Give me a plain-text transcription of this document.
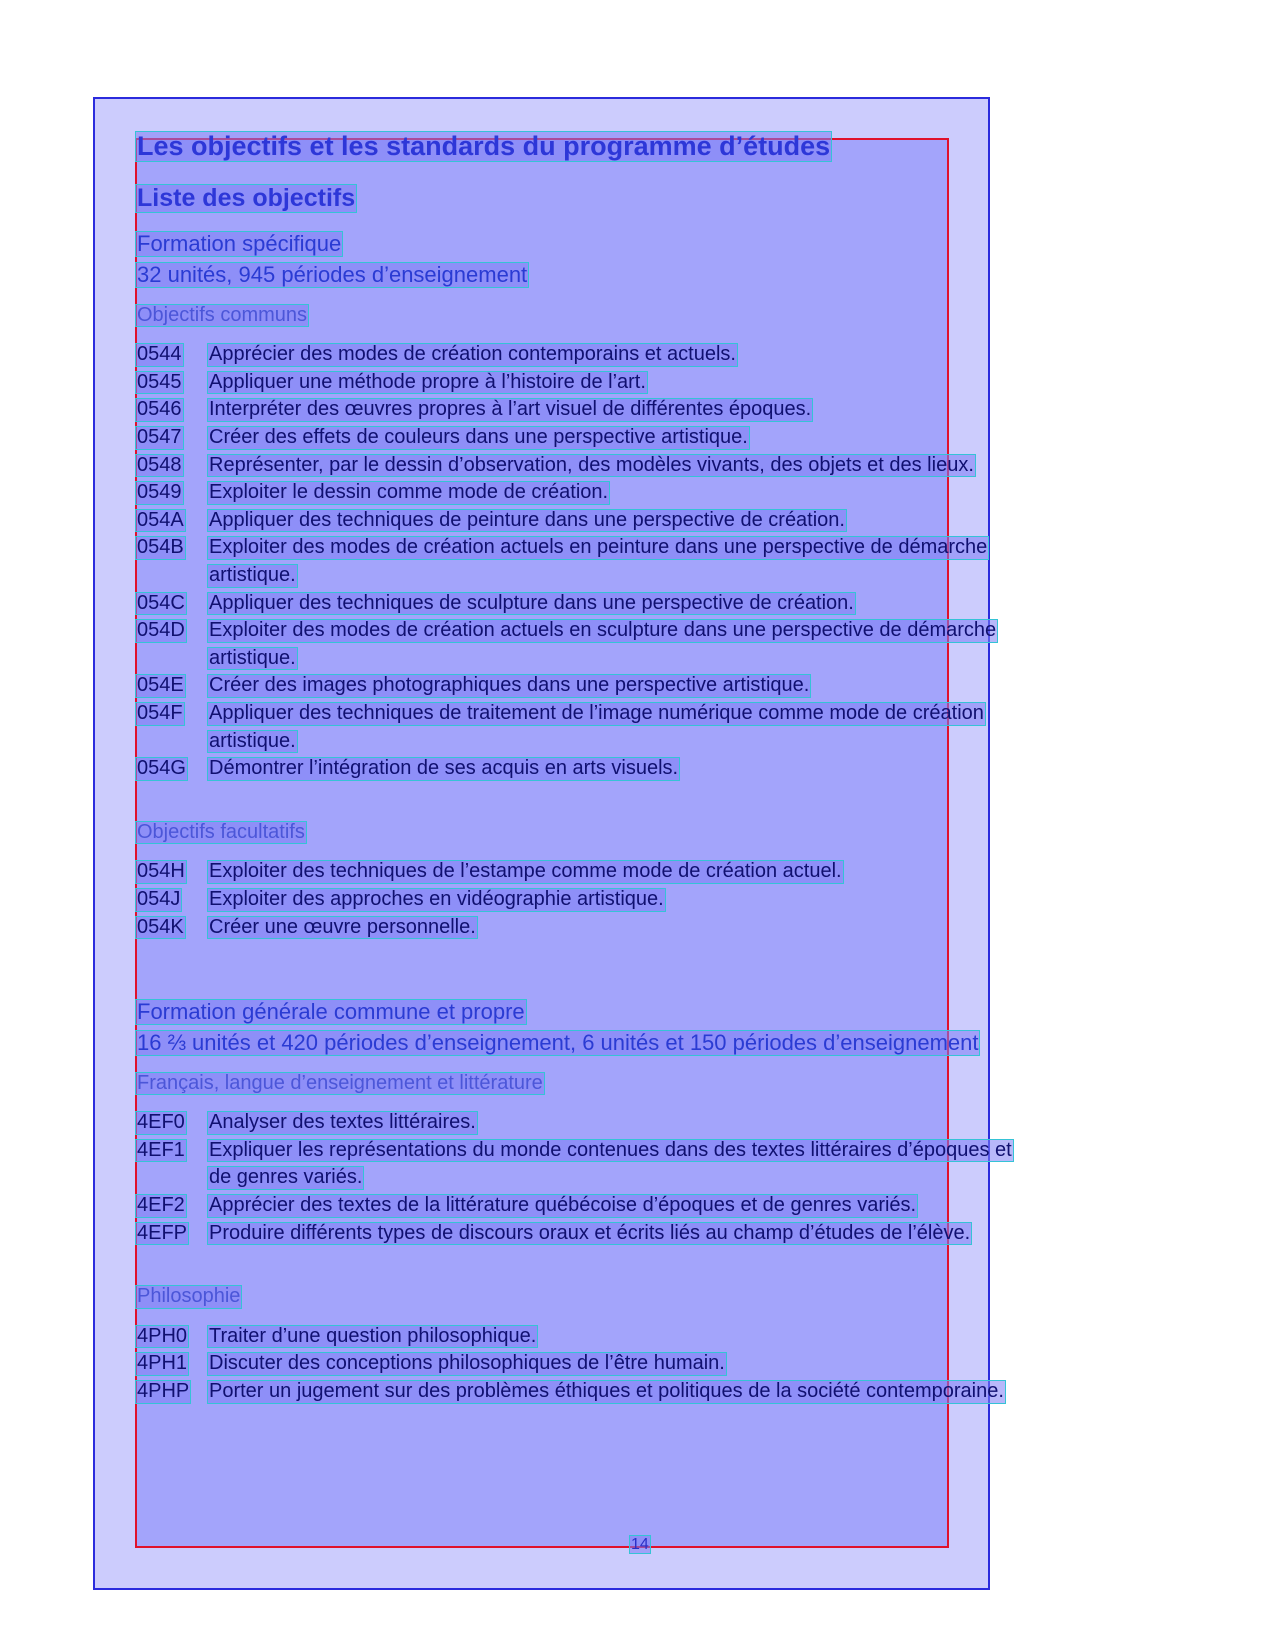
Les objectifs et les standards du programme d’études
Liste des objectifs
Formation spécifique
32 unités, 945 périodes d’enseignement
Objectifs communs
0544	Apprécier des modes de création contemporains et actuels.
0545	Appliquer une méthode propre à l’histoire de l’art.
0546	Interpréter des œuvres propres à l’art visuel de différentes époques.
0547	Créer des effets de couleurs dans une perspective artistique.
0548	Représenter, par le dessin d’observation, des modèles vivants, des objets et des lieux.
0549	Exploiter le dessin comme mode de création.
054A	Appliquer des techniques de peinture dans une perspective de création.
054B	Exploiter des modes de création actuels en peinture dans une perspective de démarche
artistique.
054C	Appliquer des techniques de sculpture dans une perspective de création.
054D	Exploiter des modes de création actuels en sculpture dans une perspective de démarche
artistique.
054E	Créer des images photographiques dans une perspective artistique.
054F	Appliquer des techniques de traitement de l’image numérique comme mode de création
artistique.
054G	Démontrer l’intégration de ses acquis en arts visuels.
Objectifs facultatifs
054H	Exploiter des techniques de l’estampe comme mode de création actuel.
054J	Exploiter des approches en vidéographie artistique.
054K	Créer une œuvre personnelle.
Formation générale commune et propre
16 ⅔ unités et 420 périodes d’enseignement, 6 unités et 150 périodes d’enseignement
Français, langue d’enseignement et littérature
4EF0	Analyser des textes littéraires.
4EF1	Expliquer les représentations du monde contenues dans des textes littéraires d’époques et
de genres variés.
4EF2	Apprécier des textes de la littérature québécoise d’époques et de genres variés.
4EFP	Produire différents types de discours oraux et écrits liés au champ d’études de l’élève.
Philosophie
4PH0	Traiter d’une question philosophique.
4PH1	Discuter des conceptions philosophiques de l’être humain.
4PHP Porter un jugement sur des problèmes éthiques et politiques de la société contemporaine.
14
